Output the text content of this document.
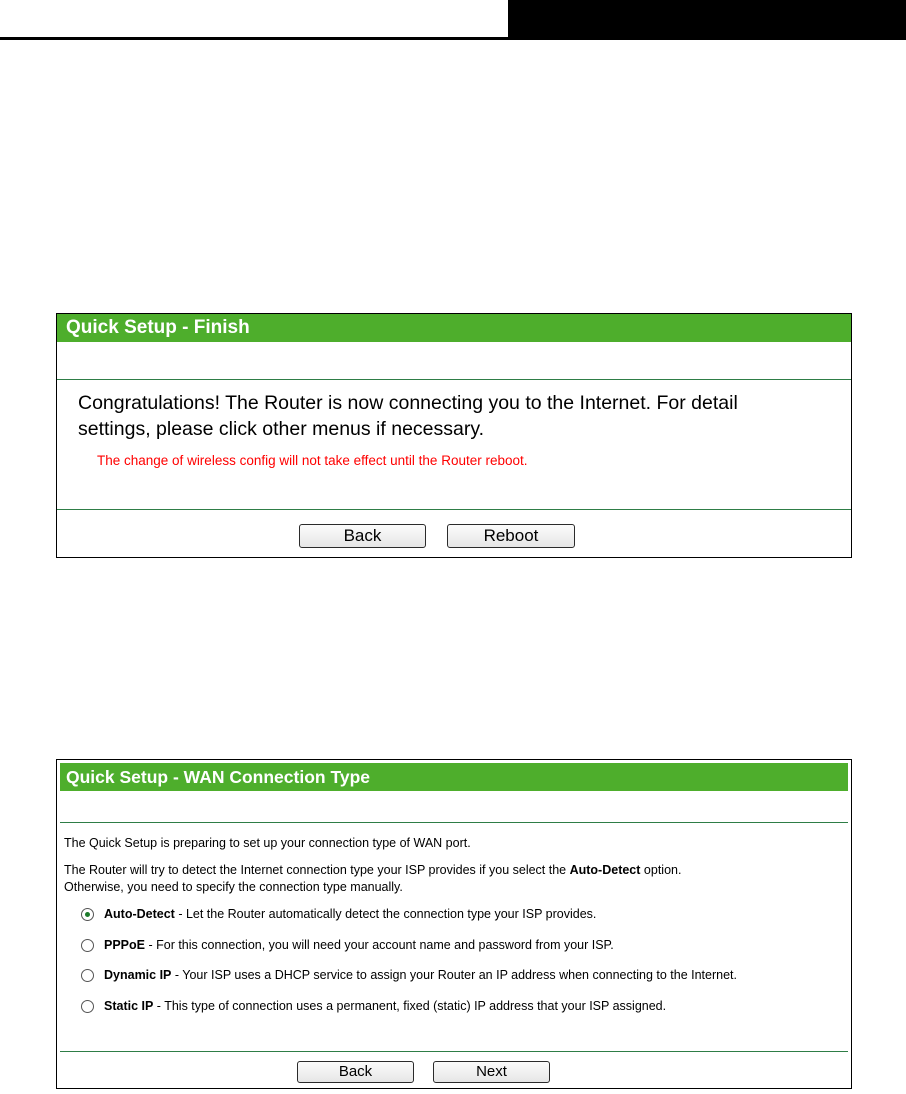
Quick Setup - Finish
Congratulations! The Router is now connecting you to the Internet. For detail
settings, please click other menus if necessary.
The change of wireless config will not take effect until the Router reboot.
Back	Reboot
Quick Setup - WAN Connection Type
The Quick Setup is preparing to set up your connection type of WAN port.
The Router will try to detect the Internet connection type your ISP provides if you select the Auto-Detect option.
Otherwise, you need to specify the connection type manually.
Auto-Detect - Let the Router automatically detect the connection type your ISP provides.
PPPoE - For this connection, you will need your account name and password from your ISP.
Dynamic IP - Your ISP uses a DHCP service to assign your Router an IP address when connecting to the Internet.
Static IP - This type of connection uses a permanent, fixed (static) IP address that your ISP assigned.
Back	Next
